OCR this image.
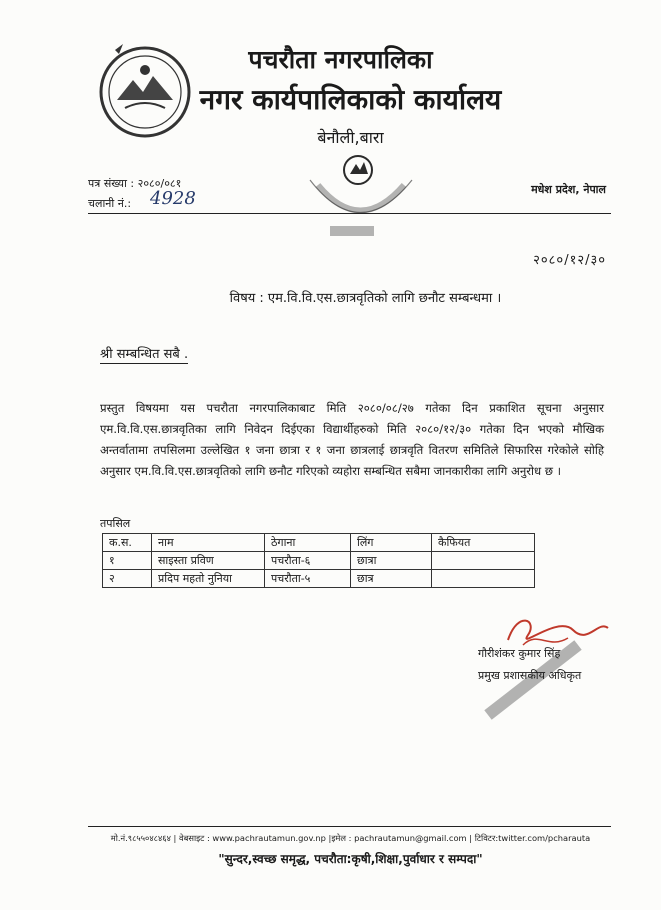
पचरौता नगरपालिका
नगर कार्यपालिकाको कार्यालय
बेनौली,बारा
पत्र संख्या : २०८०/०८१
चलानी नं.: 4928	मधेश प्रदेश, नेपाल
२०८०/१२/३०
विषय : एम.वि.वि.एस.छात्रवृतिको लागि छनौट सम्बन्धमा ।
श्री सम्बन्धित सबै .
प्रस्तुत विषयमा यस पचरौता नगरपालिकाबाट मिति २०८०/०८/२७ गतेका दिन प्रकाशित सूचना अनुसार एम.वि.वि.एस.छात्रवृतिका लागि निवेदन दिईएका विद्यार्थीहरुको मिति २०८०/१२/३० गतेका दिन भएको मौखिक अन्तर्वातामा तपसिलमा उल्लेखित १ जना छात्रा र १ जना छात्रलाई छात्रवृति वितरण समितिले सिफारिस गरेकोले सोहि अनुसार एम.वि.वि.एस.छात्रवृतिको लागि छनौट गरिएको व्यहोरा सम्बन्धित सबैमा जानकारीका लागि अनुरोध छ ।
तपसिल
क.स.	नाम	ठेगाना	लिंग	कैफियत
१	साइस्ता प्रविण	पचरौता-६	छात्रा	
२	प्रदिप महतो नुनिया	पचरौता-५	छात्र	
गौरीशंकर कुमार सिंह
प्रमुख प्रशासकीय अधिकृत
मो.नं.९८५५०४८४६४ | वेबसाइट : www.pachrautamun.gov.np |इमेल : pachrautamun@gmail.com | टिविटर:twitter.com/pcharauta
"सुन्दर,स्वच्छ समृद्ध, पचरौता:कृषी,शिक्षा,पुर्वाधार र सम्पदा"
